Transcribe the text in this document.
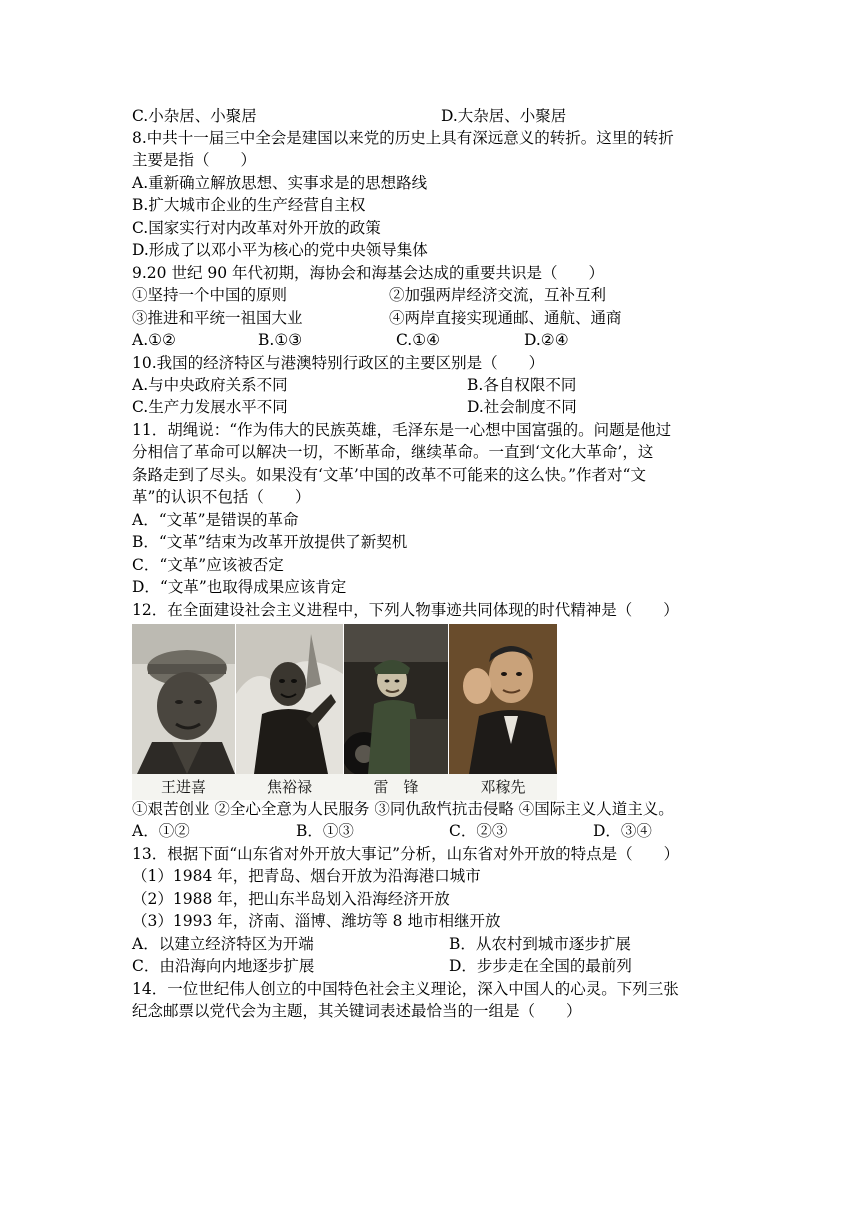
C.小杂居、小聚居	D.大杂居、小聚居
8.中共十一届三中全会是建国以来党的历史上具有深远意义的转折。这里的转折
主要是指（　　）
A.重新确立解放思想、实事求是的思想路线
B.扩大城市企业的生产经营自主权
C.国家实行对内改革对外开放的政策
D.形成了以邓小平为核心的党中央领导集体
9.20 世纪 90 年代初期，海协会和海基会达成的重要共识是（　　）
①坚持一个中国的原则	②加强两岸经济交流，互补互利
③推进和平统一祖国大业	④两岸直接实现通邮、通航、通商
A.①②	B.①③	C.①④	D.②④
10.我国的经济特区与港澳特别行政区的主要区别是（　　）
A.与中央政府关系不同	B.各自权限不同
C.生产力发展水平不同	D.社会制度不同
11．胡绳说：“作为伟大的民族英雄，毛泽东是一心想中国富强的。问题是他过
分相信了革命可以解决一切，不断革命，继续革命。一直到‘文化大革命’，这
条路走到了尽头。如果没有‘文革’中国的改革不可能来的这么快。”作者对“文
革”的认识不包括（　　）
A．“文革”是错误的革命
B．“文革”结束为改革开放提供了新契机
C．“文革”应该被否定
D．“文革”也取得成果应该肯定
12．在全面建设社会主义进程中，下列人物事迹共同体现的时代精神是（　　）
王进喜	焦裕禄	雷　锋	邓稼先
①艰苦创业 ②全心全意为人民服务 ③同仇敌忾抗击侵略 ④国际主义人道主义。
A．①②	B．①③	C．②③	D．③④
13．根据下面“山东省对外开放大事记”分析，山东省对外开放的特点是（　　）
（1）1984 年，把青岛、烟台开放为沿海港口城市
（2）1988 年，把山东半岛划入沿海经济开放
（3）1993 年，济南、淄博、潍坊等 8 地市相继开放
A．以建立经济特区为开端	B．从农村到城市逐步扩展
C．由沿海向内地逐步扩展	D．步步走在全国的最前列
14．一位世纪伟人创立的中国特色社会主义理论，深入中国人的心灵。下列三张
纪念邮票以党代会为主题，其关键词表述最恰当的一组是（　　）
